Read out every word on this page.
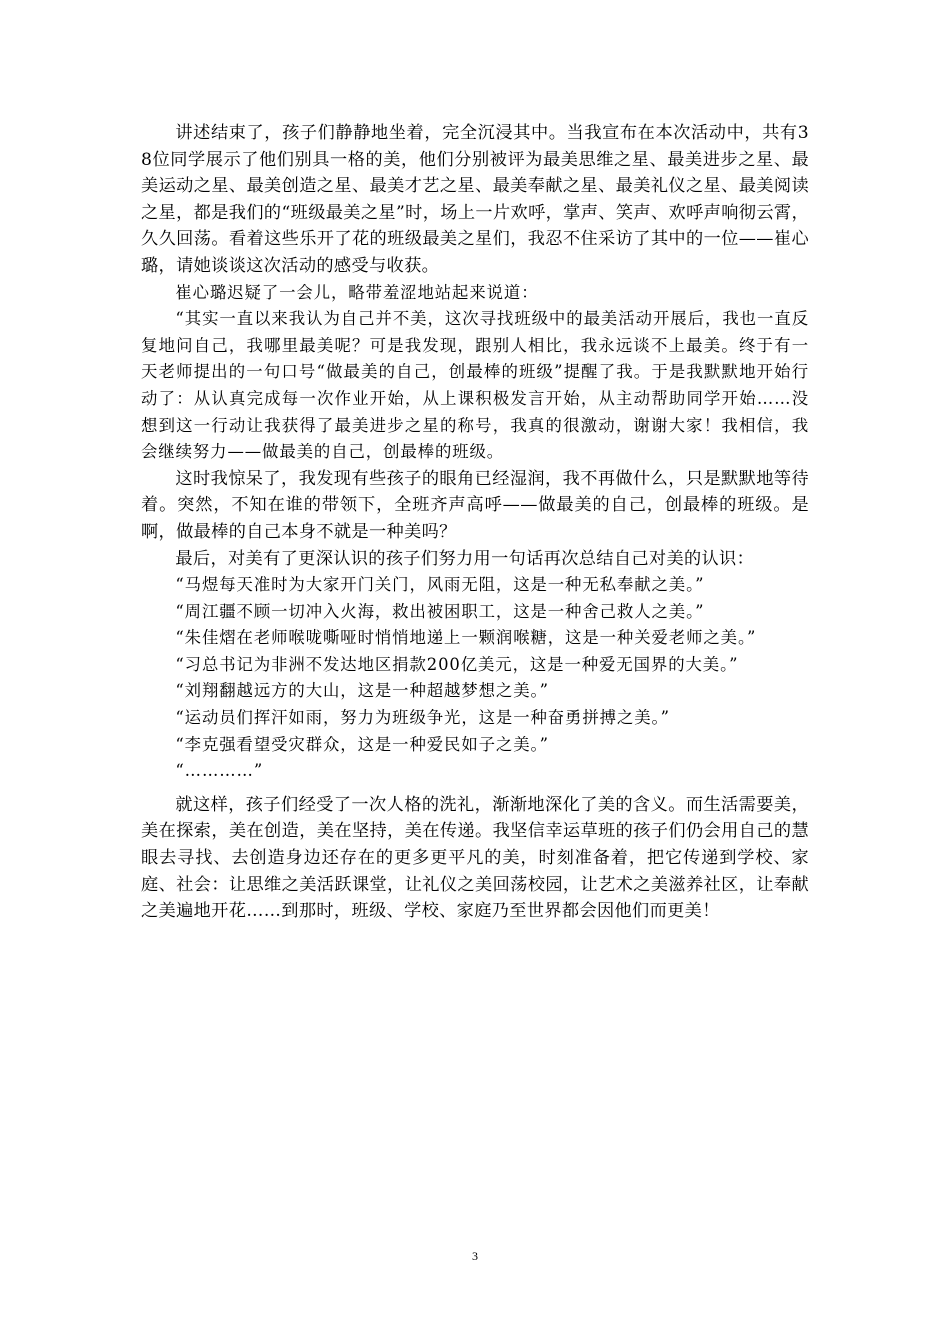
讲述结束了，孩子们静静地坐着，完全沉浸其中。当我宣布在本次活动中，共有38位同学展示了他们别具一格的美，他们分别被评为最美思维之星、最美进步之星、最美运动之星、最美创造之星、最美才艺之星、最美奉献之星、最美礼仪之星、最美阅读之星，都是我们的“班级最美之星”时，场上一片欢呼，掌声、笑声、欢呼声响彻云霄，久久回荡。看着这些乐开了花的班级最美之星们，我忍不住采访了其中的一位——崔心璐，请她谈谈这次活动的感受与收获。

崔心璐迟疑了一会儿，略带羞涩地站起来说道：

“其实一直以来我认为自己并不美，这次寻找班级中的最美活动开展后，我也一直反复地问自己，我哪里最美呢？可是我发现，跟别人相比，我永远谈不上最美。终于有一天老师提出的一句口号“做最美的自己，创最棒的班级”提醒了我。于是我默默地开始行动了：从认真完成每一次作业开始，从上课积极发言开始，从主动帮助同学开始……没想到这一行动让我获得了最美进步之星的称号，我真的很激动，谢谢大家！我相信，我会继续努力——做最美的自己，创最棒的班级。

这时我惊呆了，我发现有些孩子的眼角已经湿润，我不再做什么，只是默默地等待着。突然，不知在谁的带领下，全班齐声高呼——做最美的自己，创最棒的班级。是啊，做最棒的自己本身不就是一种美吗？

最后，对美有了更深认识的孩子们努力用一句话再次总结自己对美的认识：

“马煜每天准时为大家开门关门，风雨无阻，这是一种无私奉献之美。”

“周江疆不顾一切冲入火海，救出被困职工，这是一种舍己救人之美。”

“朱佳熠在老师喉咙嘶哑时悄悄地递上一颗润喉糖，这是一种关爱老师之美。”

“习总书记为非洲不发达地区捐款200亿美元，这是一种爱无国界的大美。”

“刘翔翻越远方的大山，这是一种超越梦想之美。”

“运动员们挥汗如雨，努力为班级争光，这是一种奋勇拼搏之美。”

“李克强看望受灾群众，这是一种爱民如子之美。”

“…………”

就这样，孩子们经受了一次人格的洗礼，渐渐地深化了美的含义。而生活需要美，美在探索，美在创造，美在坚持，美在传递。我坚信幸运草班的孩子们仍会用自己的慧眼去寻找、去创造身边还存在的更多更平凡的美，时刻准备着，把它传递到学校、家庭、社会：让思维之美活跃课堂，让礼仪之美回荡校园，让艺术之美滋养社区，让奉献之美遍地开花……到那时，班级、学校、家庭乃至世界都会因他们而更美！

3
